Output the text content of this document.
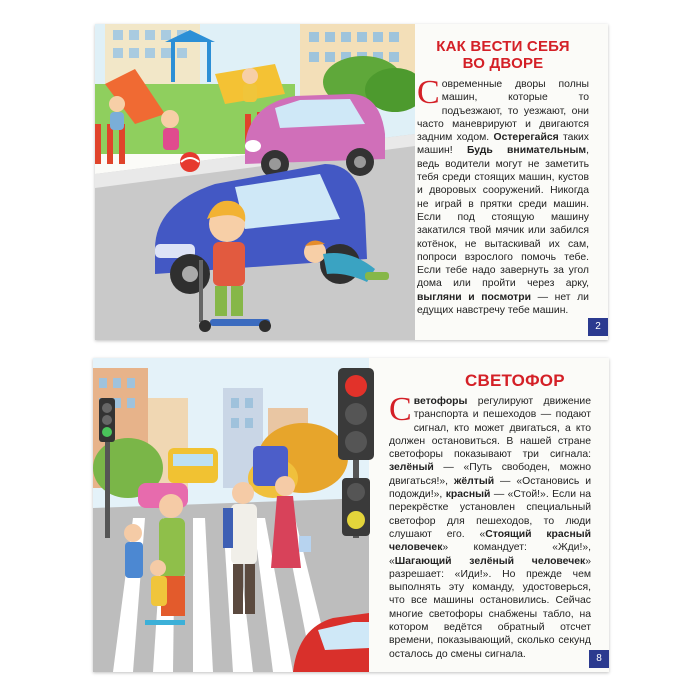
КАК ВЕСТИ СЕБЯ
ВО ДВОРЕ

Современные дворы полны машин, которые то подъезжают, то уезжают, они часто маневрируют и двигаются задним ходом. Остерегайся таких машин! Будь внимательным, ведь водители могут не заметить тебя среди стоящих машин, кустов и дворовых сооружений. Никогда не играй в прятки среди машин. Если под стоящую машину закатился твой мячик или забился котёнок, не вытаскивай их сам, попроси взрослого помочь тебе. Если тебе надо завернуть за угол дома или пройти через арку, выгляни и посмотри — нет ли едущих навстречу тебе машин.

2
СВЕТОФОР

Светофоры регулируют движение транспорта и пешеходов — подают сигнал, кто может двигаться, а кто должен остановиться. В нашей стране светофоры показывают три сигнала: зелёный — «Путь свободен, можно двигаться!», жёлтый — «Остановись и подожди!», красный — «Стой!». Если на перекрёстке установлен специальный светофор для пешеходов, то люди слушают его. «Стоящий красный человечек» командует: «Жди!», «Шагающий зелёный человечек» разрешает: «Иди!». Но прежде чем выполнять эту команду, удостоверься, что все машины остановились. Сейчас многие светофоры снабжены табло, на котором ведётся обратный отсчет времени, показывающий, сколько секунд осталось до смены сигнала.	8
